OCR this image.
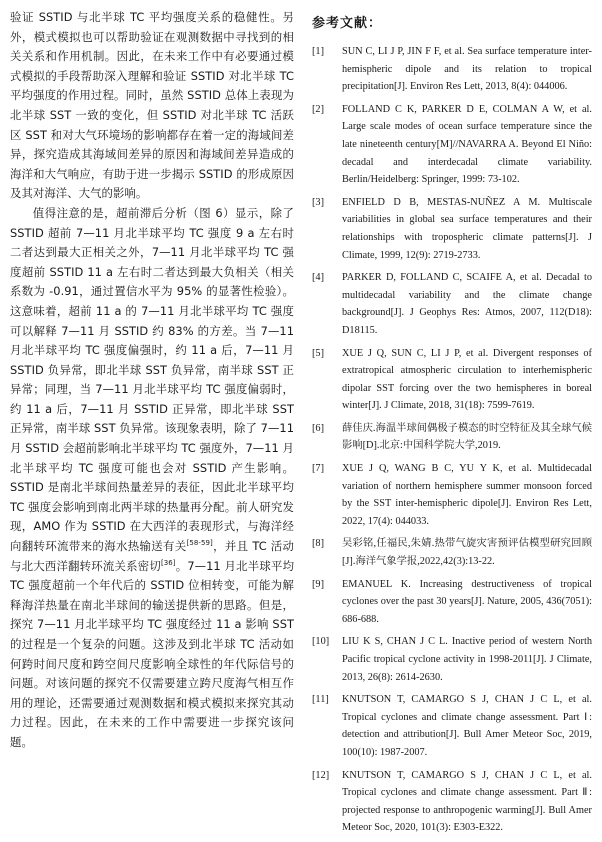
验证 SSTID 与北半球 TC 平均强度关系的稳健性。另外，模式模拟也可以帮助验证在观测数据中寻找到的相关关系和作用机制。因此，在未来工作中有必要通过模式模拟的手段帮助深入理解和验证 SSTID 对北半球 TC 平均强度的作用过程。同时，虽然 SSTID 总体上表现为北半球 SST 一致的变化，但 SSTID 对北半球 TC 活跃区 SST 和对大气环境场的影响都存在着一定的海域间差异，探究造成其海域间差异的原因和海域间差异造成的海洋和大气响应，有助于进一步揭示 SSTID 的形成原因及其对海洋、大气的影响。

值得注意的是，超前滞后分析（图 6）显示，除了 SSTID 超前 7—11 月北半球平均 TC 强度 9 a 左右时二者达到最大正相关之外，7—11 月北半球平均 TC 强度超前 SSTID 11 a 左右时二者达到最大负相关（相关系数为 -0.91，通过置信水平为 95% 的显著性检验）。这意味着，超前 11 a 的 7—11 月北半球平均 TC 强度可以解释 7—11 月 SSTID 约 83% 的方差。当 7—11 月北半球平均 TC 强度偏强时，约 11 a 后，7—11 月 SSTID 负异常，即北半球 SST 负异常，南半球 SST 正异常；同理，当 7—11 月北半球平均 TC 强度偏弱时，约 11 a 后，7—11 月 SSTID 正异常，即北半球 SST 正异常，南半球 SST 负异常。该现象表明，除了 7—11 月 SSTID 会超前影响北半球平均 TC 强度外，7—11 月北半球平均 TC 强度可能也会对 SSTID 产生影响。SSTID 是南北半球间热量差异的表征，因此北半球平均 TC 强度会影响到南北两半球的热量再分配。前人研究发现，AMO 作为 SSTID 在大西洋的表现形式，与海洋经向翻转环流带来的海水热输送有关[58-59]，并且 TC 活动与北大西洋翻转环流关系密切[36]。7—11 月北半球平均 TC 强度超前一个年代后的 SSTID 位相转变，可能为解释海洋热量在南北半球间的输送提供新的思路。但是，探究 7—11 月北半球平均 TC 强度经过 11 a 影响 SST 的过程是一个复杂的问题。这涉及到北半球 TC 活动如何跨时间尺度和跨空间尺度影响全球性的年代际信号的问题。对该问题的探究不仅需要建立跨尺度海气相互作用的理论，还需要通过观测数据和模式模拟来探究其动力过程。因此，在未来的工作中需要进一步探究该问题。

参考文献：
[1]	SUN C, LI J P, JIN F F, et al. Sea surface temperature inter-hemispheric dipole and its relation to tropical precipitation[J]. Environ Res Lett, 2013, 8(4): 044006.
[2]	FOLLAND C K, PARKER D E, COLMAN A W, et al. Large scale modes of ocean surface temperature since the late nineteenth century[M]//NAVARRA A. Beyond El Niño: decadal and interdecadal climate variability. Berlin/Heidelberg: Springer, 1999: 73-102.
[3]	ENFIELD D B, MESTAS-NUÑEZ A M. Multiscale variabilities in global sea surface temperatures and their relationships with tropospheric climate patterns[J]. J Climate, 1999, 12(9): 2719-2733.
[4]	PARKER D, FOLLAND C, SCAIFE A, et al. Decadal to multidecadal variability and the climate change background[J]. J Geophys Res: Atmos, 2007, 112(D18): D18115.
[5]	XUE J Q, SUN C, LI J P, et al. Divergent responses of extratropical atmospheric circulation to interhemispheric dipolar SST forcing over the two hemispheres in boreal winter[J]. J Climate, 2018, 31(18): 7599-7619.
[6]	薛佳庆.海温半球间偶极子模态的时空特征及其全球气候影响[D].北京:中国科学院大学,2019.
[7]	XUE J Q, WANG B C, YU Y K, et al. Multidecadal variation of northern hemisphere summer monsoon forced by the SST inter-hemispheric dipole[J]. Environ Res Lett, 2022, 17(4): 044033.
[8]	吴彩铭,任福民,朱婧.热带气旋灾害预评估模型研究回顾[J].海洋气象学报,2022,42(3):13-22.
[9]	EMANUEL K. Increasing destructiveness of tropical cyclones over the past 30 years[J]. Nature, 2005, 436(7051): 686-688.
[10]	LIU K S, CHAN J C L. Inactive period of western North Pacific tropical cyclone activity in 1998-2011[J]. J Climate, 2013, 26(8): 2614-2630.
[11]	KNUTSON T, CAMARGO S J, CHAN J C L, et al. Tropical cyclones and climate change assessment. Part Ⅰ: detection and attribution[J]. Bull Amer Meteor Soc, 2019, 100(10): 1987-2007.
[12]	KNUTSON T, CAMARGO S J, CHAN J C L, et al. Tropical cyclones and climate change assessment. Part Ⅱ: projected response to anthropogenic warming[J]. Bull Amer Meteor Soc, 2020, 101(3): E303-E322.
